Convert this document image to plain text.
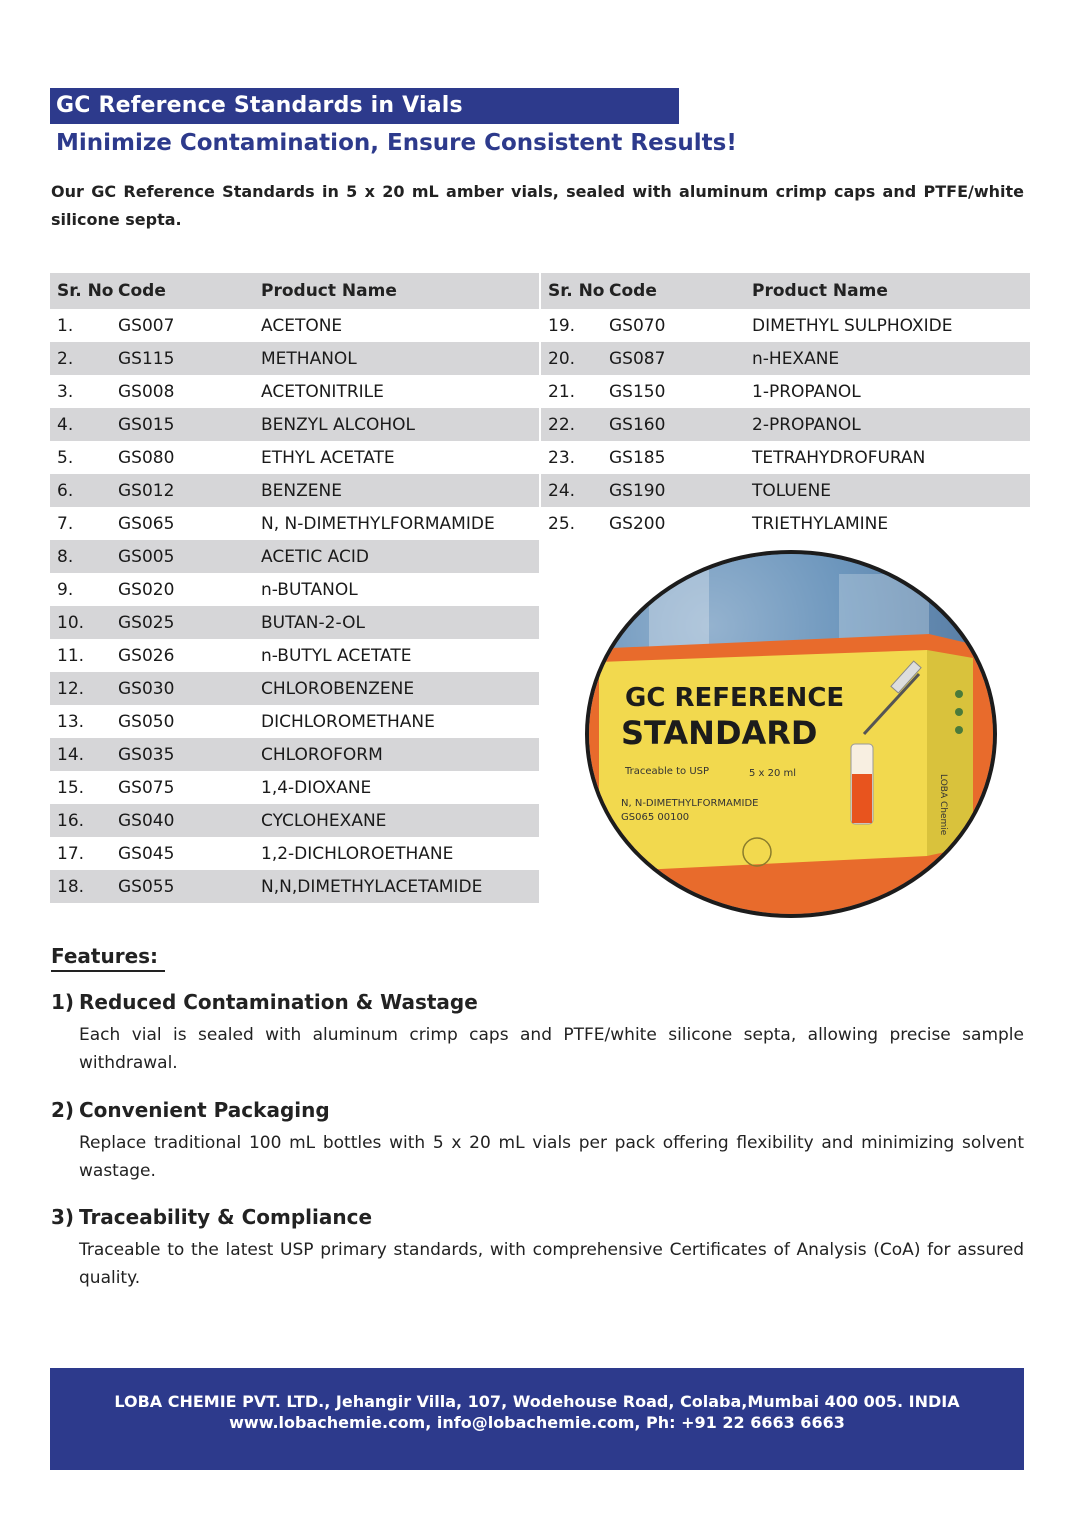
GC Reference Standards in Vials
Minimize Contamination, Ensure Consistent Results!
Our GC Reference Standards in 5 x 20 mL amber vials, sealed with aluminum crimp caps and PTFE/white silicone septa.
Sr. No	Code	Product Name
1.	GS007	ACETONE
2.	GS115	METHANOL
3.	GS008	ACETONITRILE
4.	GS015	BENZYL ALCOHOL
5.	GS080	ETHYL ACETATE
6.	GS012	BENZENE
7.	GS065	N, N-DIMETHYLFORMAMIDE
8.	GS005	ACETIC ACID
9.	GS020	n-BUTANOL
10.	GS025	BUTAN-2-OL
11.	GS026	n-BUTYL ACETATE
12.	GS030	CHLOROBENZENE
13.	GS050	DICHLOROMETHANE
14.	GS035	CHLOROFORM
15.	GS075	1,4-DIOXANE
16.	GS040	CYCLOHEXANE
17.	GS045	1,2-DICHLOROETHANE
18.	GS055	N,N,DIMETHYLACETAMIDE
Sr. No	Code	Product Name
19.	GS070	DIMETHYL SULPHOXIDE
20.	GS087	n-HEXANE
21.	GS150	1-PROPANOL
22.	GS160	2-PROPANOL
23.	GS185	TETRAHYDROFURAN
24.	GS190	TOLUENE
25.	GS200	TRIETHYLAMINE
GC REFERENCE
STANDARD
Traceable to USP	5 x 20 ml
N, N-DIMETHYLFORMAMIDE
GS065 00100	LOBA Chemie
Features:
1) Reduced Contamination & Wastage
Each vial is sealed with aluminum crimp caps and PTFE/white silicone septa, allowing precise sample withdrawal.
2) Convenient Packaging
Replace traditional 100 mL bottles with 5 x 20 mL vials per pack offering flexibility and minimizing solvent wastage.
3) Traceability & Compliance
Traceable to the latest USP primary standards, with comprehensive Certificates of Analysis (CoA) for assured quality.
LOBA CHEMIE PVT. LTD., Jehangir Villa, 107, Wodehouse Road, Colaba,Mumbai 400 005. INDIA
www.lobachemie.com, info@lobachemie.com, Ph: +91 22 6663 6663
